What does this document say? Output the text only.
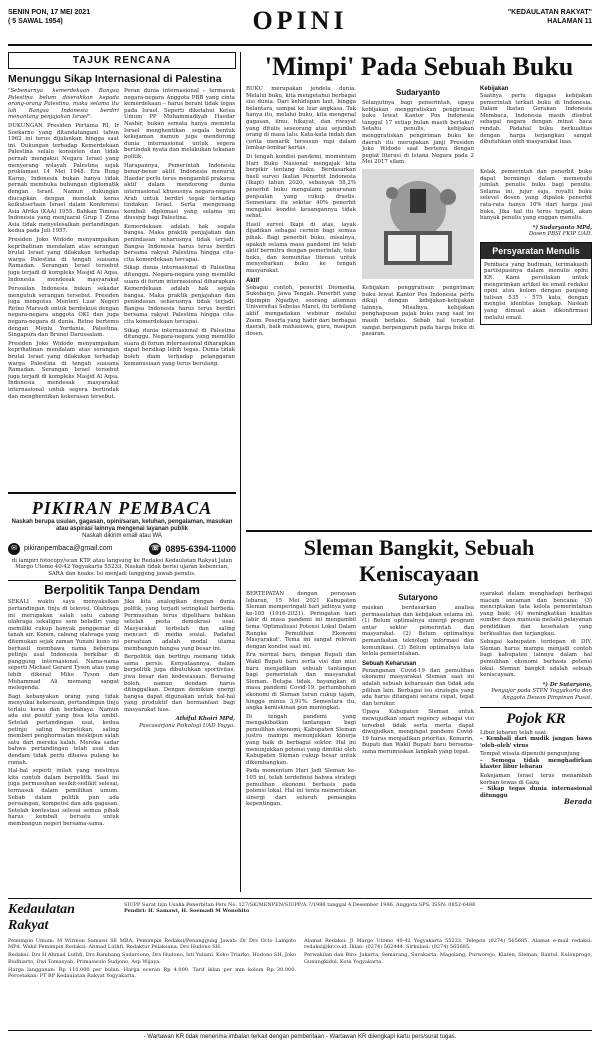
SENIN PON, 17 MEI 2021
( 5 SAWAL 1954)	OPINI	"KEDAULATAN RAKYAT"
HALAMAN 11
TAJUK RENCANA
Menunggu Sikap Internasional di Palestina

"Sebenarnya kemerdekaan Bangsa Palestina belum diserahkan kepada orang-orang Palestina, maka selama itu lah Bangsa Indonesia berdiri menantang penjajahan Israel".

DUKUNGAN Presiden Pertama RI, Ir Soekarno yang ditandatangani tahun 1962 ini terus dijalankan hingga saat ini. Dukungan terhadap Kemerdekaan Palestina selalu konsisten dan tidak pernah mengakui Negara Israel yang menyerang wilayah Palestina sejak proklamasi 14 Mei 1948. Era Bung Karno, Indonesia bukan hanya tidak pernah membuka hubungan diplomatik dengan Israel. Namun dukungan diucapkan dengan menolak keras keikutsertaan Israel dalam Konferensi Asia Afrika (KAA) 1955. Bahkan Timnas Indonesia yang menjuarai Grup 1 Zona Asia tidak menyelesaikan pertandingan kedua pada Juli 1957.

Presiden Joko Widodo menyampaikan keprihatinan mendalam atas serangan brutal Israel yang dilakukan terhadap warga Palestina di tengah suasana Ramadan. Serangan Israel tersebut juga terjadi di kompleks Masjid Al Aqsa. Indonesia mendesak masyarakat

Peran dunia internasional – termasuk negara-negara Anggota PBB yang cinta kemerdekaan – harus berani tidak tegas pada Israel. Seperti diketahui Ketua Umum PP Muhammadiyah Haedar Nashir, bukan semata hanya meminta Israel menghentikan segala bentuk kekejaman namun juga mendorong dunia internasional untuk segera bertindak nyata dan melakukan tekanan politik.

Harapannya, Pemerintah Indonesia benar-benar aktif. Indonesia menurut Haedar perlu terus mengambil prakarsa aktif dalam mendorong dunia internasional khususnya negara-negara Arab untuk berdiri tegak terhadap tindakan Israel. Serta mengenang kembali diplomasi yang selama ini diusung bagi Palestina.

Kemerdekaan adalah hak segala bangsa. Maka praktik penjajahan dan penindasan seharusnya tidak terjadi. Bangsa Indonesia harus terus berdiri bersama rakyat Palestina hingga cita-cita kemerdekaan tercapai.

Sikap dunia internasional di Palestina ditunggu. Negara-negara yang memiliki suara di forum internasional diharapkan

PIKIRAN PEMBACA

Naskah berupa usulan, gagasan, opini/saran, keluhan, pengalaman, masukan atau aspirasi lainnya mengenai layanan publik

Naskah dikirim email atau WA

✉	pikiranpembaca@gmail.com	☏ 0895-6394-11000

di lampiri fotocopy/scan KTP, atau langsung ke Redaksi Kedaulatan Rakyat Jalan Margo Utomo 40-42 Yogyakarta 55233. Naskah tidak berisi ujaran kebencian, SARA dan hoaks. Isi menjadi tanggung jawab penulis.

Berpolitik Tanpa Dendam

SEKALI waktu saya menyaksikan pertandingan tinju di televisi. Olahraga ini merupakan salah satu cabang olahraga sekaligus seni beladiri yang memiliki cukup banyak penggemar di tanah air. Konon, cabang olahraga yang ditemukan sejak zaman Yunani kuno ini berhasil membawa nama beberapa petinju asal Indonesia berkibar di panggung internasional. Nama-nama seperti Michael Gerard Tyson atau yang lebih dikenal Mike Tyson dan Muhammad Ali memang sangat melegenda.

Bagi kebanyakan orang yang tidak menyukai kekerasan, pertandingan tinju terlalu keras dan berbahaya. Namun ada sisi positif yang bisa kita ambil. Setelah pertandingan usai, kedua petinju saling berpelukan, saling memberi penghormatan meskipun salah satu dari mereka kalah. Mereka sadar bahwa pertandingan telah usai dan dendam tidak perlu dibawa pulang ke rumah.

Hal-hal seperti inilah yang mestinya kita contoh dalam berpolitik. Saat ini juga permusuhan sesikit-sedikit selesai, termasuk dalam pemilihan umum. Sebab dalam politik pun ada persaingan, kompetisi dan adu gagasan. Setelah kontestasi selesai semua pihak harus kembali bersatu untuk membangun negeri bersama-sama.

Jika kita analogikan dengan dunia politik, yang terjadi seringkali berbeda. Permusuhan terus dipelihara bahkan setelah pesta demokrasi usai. Masyarakat terbelah dan saling mencaci di media sosial. Padahal persatuan adalah modal utama membangun bangsa yang besar ini.

Berpolitik dan bertinju memang tidak sama persis. Kenyataannya, dalam berpolitik juga dibutuhkan sportivitas, jiwa besar dan kedewasaan. Bersaing boleh, namun dendam harus ditinggalkan. Dengan demikian energi bangsa dapat digunakan untuk hal-hal yang produktif dan bermanfaat bagi masyarakat luas.

Athiful Khoiri MPd,

Pascasarjana Psikologi UAD Yogya.

Persoalan Indonesia bukan sekadar mengutuk serangan tersebut. Presiden juga mengutus Menteri Luar Negeri Retno Marsudi untuk berdiskusi dengan negara-negara anggota OKI dan juga negara-negara di dunia. Retno bertemu dengan Menlu Yordania, Palestina, Singapura dan Brunei Darussalam.

Presiden Joko Widodo menyampaikan keprihatinan mendalam atas serangan brutal Israel yang dilakukan terhadap warga Palestina di tengah suasana Ramadan. Serangan Israel tersebut juga terjadi di kompleks Masjid Al Aqsa. Indonesia mendesak masyarakat internasional untuk segera bertindak dan menghentikan kekerasan tersebut.

Kemerdekaan adalah hak segala bangsa. Maka praktik penjajahan dan penindasan seharusnya tidak terjadi. Bangsa Indonesia harus terus berdiri bersama rakyat Palestina hingga cita-cita kemerdekaan tercapai.

Sikap dunia internasional di Palestina ditunggu. Negara-negara yang memiliki suara di forum internasional diharapkan dapat bersikap lebih tegas. Dunia tidak boleh diam terhadap pelanggaran kemanusiaan yang terus berulang.

'Mimpi' Pada Sebuah Buku

BUKU merupakan jendela dunia. Melalui buku, kita mengetahui berbagai sisi dunia. Dari kehidupan laut, hingga belantara, sampai ke luar angkasa. Tak hanya itu, melalui buku, kita mengenal gagasan, ilmu, hikayat, dan riwayat yang ditulis seseorang atau sejumlah orang di masa lalu. Kata-kata indah dan cerita menarik tersusun rapi dalam lembar-lembar kertas.

Di tengah kondisi pandemi, momentum Hari Buku Nasional mengajak kita berpikir tentang buku. Berdasarkan hasil survei Ikatan Penerbit Indonesia (Ikapi) tahun 2020, sebanyak 58,2% penerbit buku mengalami penurunan penjualan yang cukup drastis. Sementara itu sekitar 40% penerbit mengaku kondisi keuangannya tidak sehat.

Hasil survei Ikapi di atas, layak dijadikan sebagai cermin bagi semua pihak. Bagi penerbit buku, misalnya, apakah selama masa pandemi ini telah aktif bermitra dengan pemerintah, toko buku, dan komunitas literasi untuk menyebarkan buku ke tengah masyarakat.

Aktif

Sebagai contoh, penerbit Diomedia, Sukoharjo, Jawa Tengah. Penerbit yang dipimpin Ngadiyo, seorang alumnus Universitas Sebelas Maret, itu terbilang aktif mengadakan webinar melalui Zoom. Peserta yang hadir dari berbagai daerah, baik mahasiswa, guru, maupun dosen.

Sudaryanto

Selanjutnya bagi pemerintah, upaya kebijakan menggratiskan pengiriman buku lewat Kantor Pos Indonesia tanggal 17 setiap bulan masih berlaku? Setahu penulis, kebijakan menggratiskan pengiriman buku ke daerah itu merupakan janji Presiden Joko Widodo saat bertemu dengan pegiat literasi di Istana Negara pada 2 Mei 2017 silam.

Kebijakan

Saatnya perlu digagas kebijakan pemerintah terkait buku di Indonesia. Dalam Ikatan Gerakan Indonesia Membaca, Indonesia masih disebut sebagai negara dengan minat baca rendah. Padahal buku berkualitas dengan harga terjangkau sangat dibutuhkan oleh masyarakat luas.

Kebijakan penggratisan pengiriman buku lewat Kantor Pos Indonesia perlu dikaji dengan kebijakan-kebijakan lainnya. Misalnya, kebijakan penghapusan pajak buku yang saat ini masih berlaku. Sebab hal tersebut sangat berpengaruh pada harga buku di pasaran.

Kelak, pemerintah dan penerbit buku dapat bermimpi dalam memenuhi jumlah penulis buku bagi penulis. Selama ini, jujur saja, royalti buku selevel dosen yang dipatok penerbit rata-rata hanya 10% dari harga jual buku. Jika hal itu terus terjadi, akan banyak penulis yang enggan menulis.

*) Sudaryanto MPd,

Dosen PBSI FKIP UAD.

Persyaratan Menulis

Pembaca yang budiman, terimakasih partisipasinya dalam menulis opini KR. Kami persilakan untuk mengirimkan artikel ke email redaksi opini atau kolom dengan panjang tulisan 535 - 575 kata, dengan mengisi identitas lengkap. Naskah yang dimuat akan dikonfirmasi melalui email.

Sleman Bangkit, Sebuah Keniscayaan

BERTEPATAN dengan perayaan lebaran, 15 Mei 2021 Kabupaten Sleman memperingati hari jadinya yang ke-105 (1916-2021). Peringatan hari lahir di masa pandemi ini mengambil tema 'Optimalisasi Potensi Lokal Dalam Rangka Pemulihan Ekonomi Masyarakat'. Tema ini sangat relevan dengan kondisi saat ini.

Era normal baru, dengan Bupati dan Wakil Bupati baru serta visi dan misi baru menjadikan sebuah tantangan bagi pemerintah dan masyarakat Sleman. Betapa tidak, bayangkan di masa pandemi Covid-19, pertumbuhan ekonomi di Sleman turun cukup tajam, hingga minus 3,91%. Sementara itu, angka kemiskinan pun meningkat.

Di tengah pandemi yang mengakibatkan tantangan bagi pemulihan ekonomi, Kabupaten Sleman justru mampu menunjukkan kinerja yang baik di berbagai sektor. Hal ini menunjukkan potensi yang dimiliki oleh Kabupaten Sleman cukup besar untuk dikembangkan.

Pada momentum Hari Jadi Sleman ke-105 ini, telah terdefinisi bahwa strategi pemulihan ekonomi berbasis pada potensi lokal. Hal ini tentu memerlukan sinergi dari seluruh pemangku kepentingan.

Sutaryono

muskan berdasarkan analisa permasalahan dan kebijakan selama ini. (1) Belum optimalnya sinergi program antar sektor pemerintah dan masyarakat. (2) Belum optimalnya pemanfaatan teknologi informasi dan komunikasi. (3) Belum optimalnya tata kelola pemerintahan.

Sebuah Keharusan

Penanganan Covid-19 dan pemulihan ekonomi masyarakat Sleman saat ini adalah sebuah keharusan dan tidak ada pilihan lain. Berbagai isu strategis yang ada harus ditangani secara cepat, tepat dan terukur.

Upaya Kabupaten Sleman untuk mewujudkan smart regency sebagai visi tersebut tidak serta merta dapat diwujudkan, mengingat pandemi Covid-19 harus menjadikan prioritas. Kemarin, Bupati dan Wakil Bupati baru bersama-sama merumuskan langkah yang tepat.

syarakat dalam menghadapi berbagai macam ancaman dan bencana; (3) menciptakan tata kelola pemerintahan yang baik; (4) meningkatkan kualitas sumber daya manusia melalui pelayanan pendidikan dan kesehatan yang berkualitas dan terjangkau.

Sebagai kabupaten terdepan di DIY, Sleman harus mampu menjadi contoh bagi kabupaten lainnya dalam hal pemulihan ekonomi berbasis potensi lokal. Sleman bangkit adalah sebuah keniscayaan.

*) Dr Sutaryono,

Pengajar pada STPN Yogyakarta dan Anggota Dewan Pimpinan Pusat.

Pojok KR

Libur lebaran telah usai

– Kembali dari mudik jangan bawa 'oleh-oleh' virus

Tempat wisata dipenuhi pengunjung

– Semoga tidak menghadirkan klaster libur lebaran

Kekejaman Israel terus menambah korban tewas di Gaza

– Sikap tegas dunia internasional ditunggu

Berada

Kedaulatan Rakyat

SIUPP Surat Izin Usaha Penerbitan Pers No. 127/SK/MENPEN/SIUPP/A.7/1986 tanggal 4 Desember 1986. Anggota SPS, ISSN: 0852-6486

Pendiri: H. Samawi, H. Soemadi M Wonohito

Pemimpin Umum: M Wirmon Samawi SE MBA. Pemimpin Redaksi/Penanggung Jawab: Dr Drs Octo Lampito MPd. Wakil Pemimpin Redaksi: Ahmad Luthfi. Redaktur Pelaksana: Drs Hudono SH.

Redaksi: Drs H Ahmad Luthfi, Drs Bambang Sudarsono, Drs Hudono, Isti Yuliani, Koko Triarko, Hudono SH, Joko Budhiarto, Dwi Tomasyah, Primaswolo Sudjono, Asp Wijaya.

Harga langganan: Rp 110.000 per bulan. Harga eceran Rp 4.000. Tarif iklan per mm kolom Rp 30.000. Percetakan: PT BP Kedaulatan Rakyat Yogyakarta.

Alamat Redaksi: Jl Margo Utomo 40-42 Yogyakarta 55233. Telepon (0274) 565685. Alamat e-mail redaksi: redaksi@kr.co.id. Iklan: (0274) 562444. Sirkulasi: (0274) 565685.

Perwakilan dan Biro: Jakarta, Semarang, Surakarta, Magelang, Purworejo, Klaten, Sleman, Bantul, Kulonprogo, Gunungkidul, Kota Yogyakarta.

- Wartawan KR tidak menerima imbalan terkait dengan pemberitaan - Wartawan KR dilengkapi kartu pers/surat tugas.
